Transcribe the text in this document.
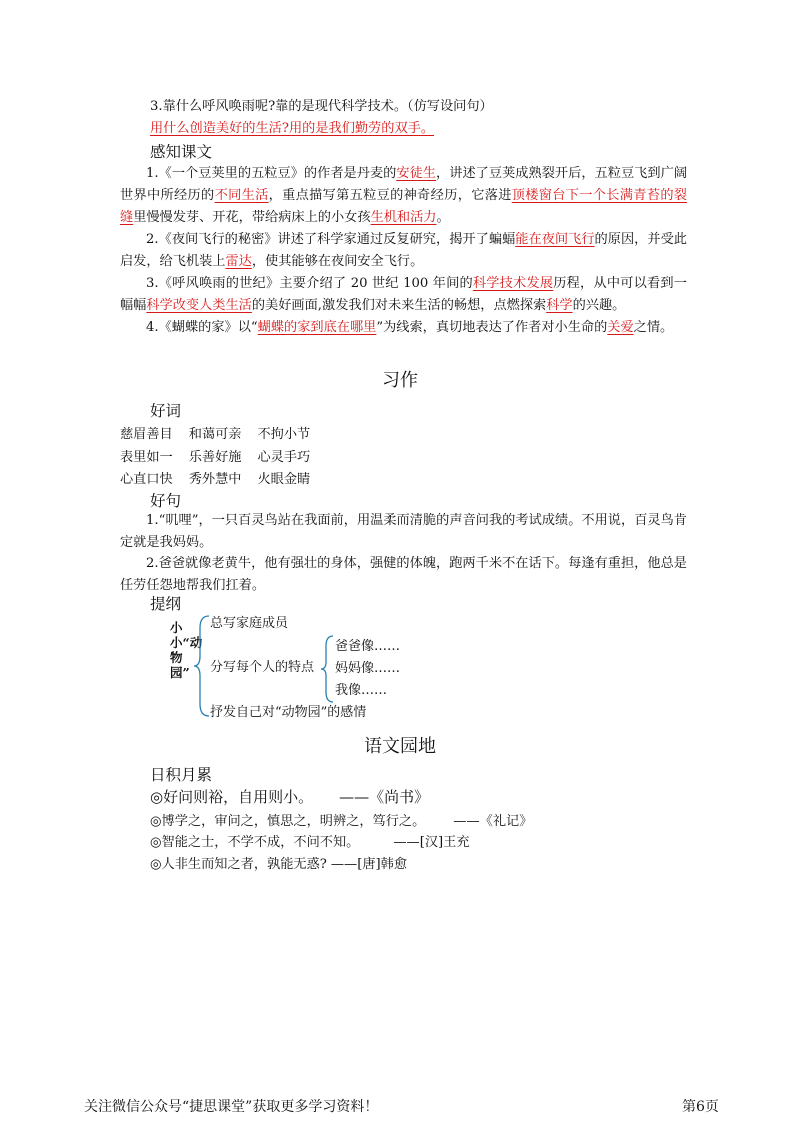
3.靠什么呼风唤雨呢?靠的是现代科学技术。（仿写设问句）
用什么创造美好的生活?用的是我们勤劳的双手。
感知课文
1.《一个豆荚里的五粒豆》的作者是丹麦的安徒生，讲述了豆荚成熟裂开后，五粒豆飞到广阔世界中所经历的不同生活，重点描写第五粒豆的神奇经历，它落进顶楼窗台下一个长满青苔的裂缝里慢慢发芽、开花，带给病床上的小女孩生机和活力。
2.《夜间飞行的秘密》讲述了科学家通过反复研究，揭开了蝙蝠能在夜间飞行的原因，并受此启发，给飞机装上雷达，使其能够在夜间安全飞行。
3.《呼风唤雨的世纪》主要介绍了 20 世纪 100 年间的科学技术发展历程，从中可以看到一幅幅科学改变人类生活的美好画面,激发我们对未来生活的畅想，点燃探索科学的兴趣。
4.《蝴蝶的家》以“蝴蝶的家到底在哪里”为线索，真切地表达了作者对小生命的关爱之情。
习作
好词
慈眉善目 和蔼可亲 不拘小节
表里如一 乐善好施 心灵手巧
心直口快 秀外慧中 火眼金睛
好句
1.“叽哩”，一只百灵鸟站在我面前，用温柔而清脆的声音问我的考试成绩。不用说，百灵鸟肯定就是我妈妈。
2.爸爸就像老黄牛，他有强壮的身体，强健的体魄，跑两千米不在话下。每逢有重担，他总是任劳任怨地帮我们扛着。
提纲
小小“动物园”
总写家庭成员
分写每个人的特点
爸爸像……
妈妈像……
我像……
抒发自己对“动物园”的感情
语文园地
日积月累
◎好问则裕，自用则小。 ——《尚书》
◎博学之，审问之，慎思之，明辨之，笃行之。 ——《礼记》
◎智能之士，不学不成，不问不知。	——[汉]王充
◎人非生而知之者，孰能无惑? ——[唐]韩愈
关注微信公众号“捷思课堂”获取更多学习资料！	第6页
